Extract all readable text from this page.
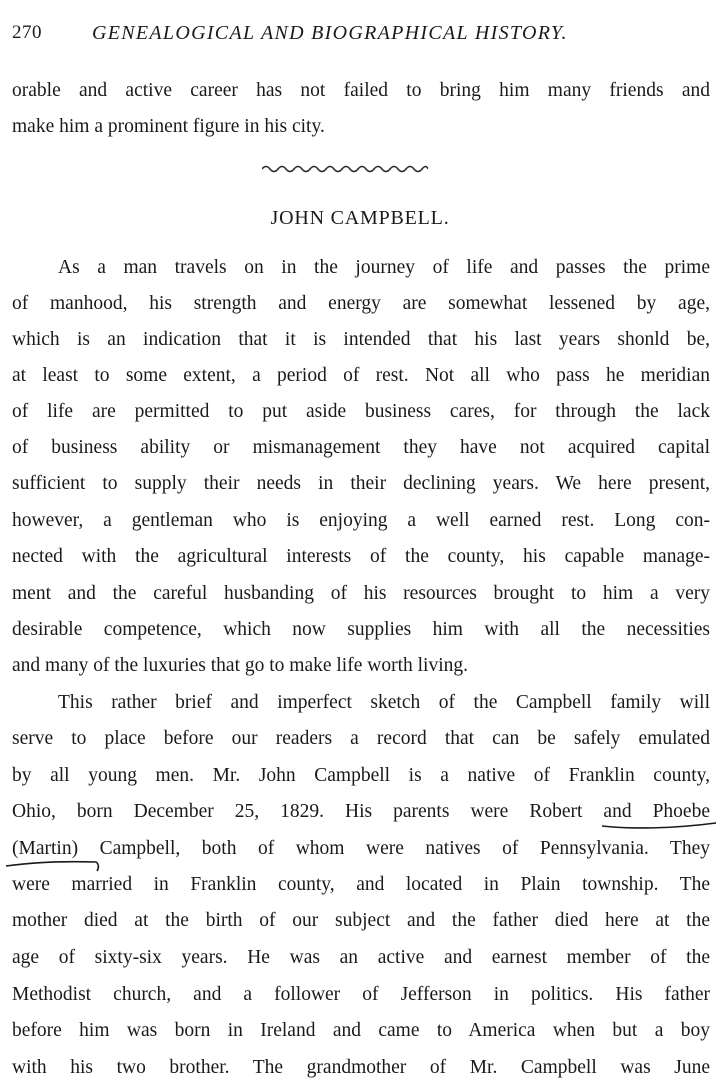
270	GENEALOGICAL AND BIOGRAPHICAL HISTORY.
orable and active career has not failed to bring him many friends and
make him a prominent figure in his city.
JOHN CAMPBELL.
As a man travels on in the journey of life and passes the prime
of manhood, his strength and energy are somewhat lessened by age,
which is an indication that it is intended that his last years shonld be,
at least to some extent, a period of rest. Not all who pass he meridian
of life are permitted to put aside business cares, for through the lack
of business ability or mismanagement they have not acquired capital
sufficient to supply their needs in their declining years. We here present,
however, a gentleman who is enjoying a well earned rest. Long con-
nected with the agricultural interests of the county, his capable manage-
ment and the careful husbanding of his resources brought to him a very
desirable competence, which now supplies him with all the necessities
and many of the luxuries that go to make life worth living.
This rather brief and imperfect sketch of the Campbell family will
serve to place before our readers a record that can be safely emulated
by all young men. Mr. John Campbell is a native of Franklin county,
Ohio, born December 25, 1829. His parents were Robert and Phoebe
(Martin) Campbell, both of whom were natives of Pennsylvania. They
were married in Franklin county, and located in Plain township. The
mother died at the birth of our subject and the father died here at the
age of sixty-six years. He was an active and earnest member of the
Methodist church, and a follower of Jefferson in politics. His father
before him was born in Ireland and came to America when but a boy
with his two brother. The grandmother of Mr. Campbell was June
